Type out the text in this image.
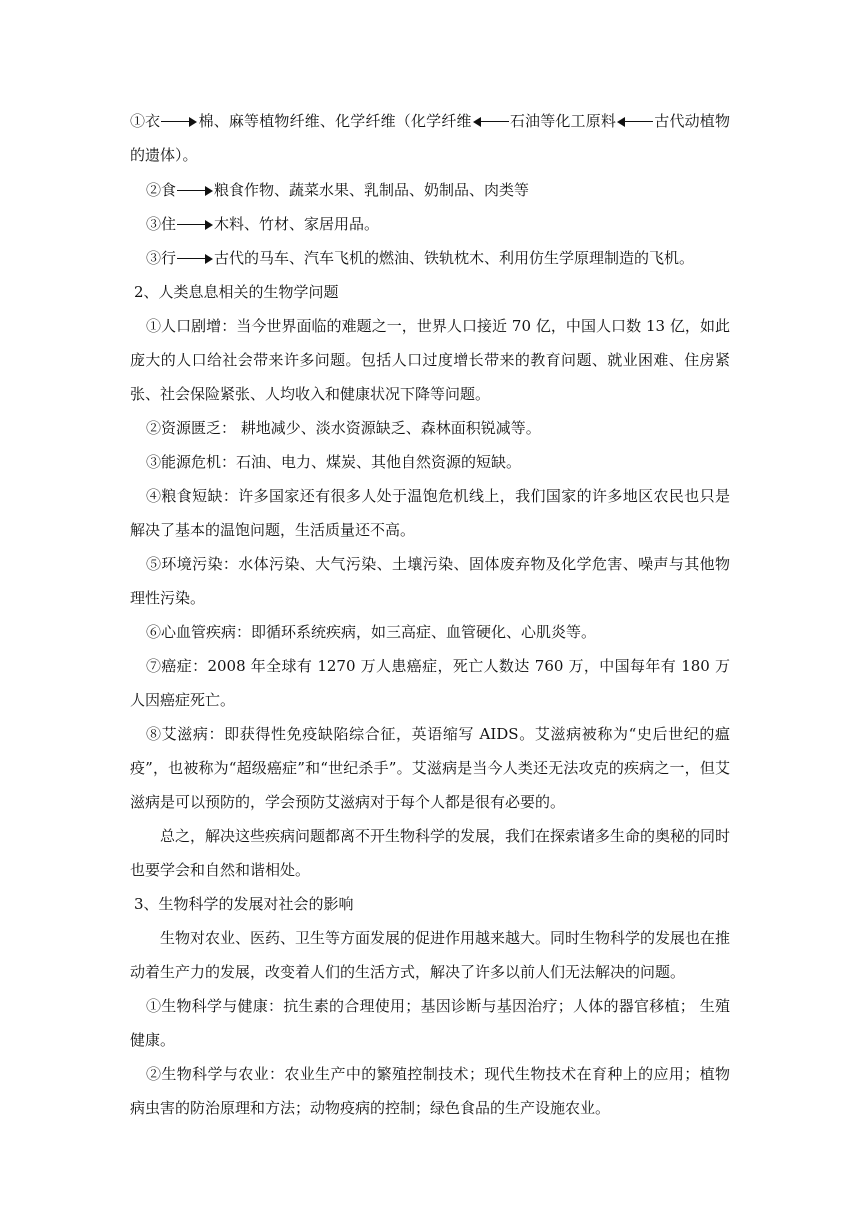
①衣	棉、麻等植物纤维、化学纤维（化学纤维	石油等化工原料	古代动植物的遗体）。

②食	粮食作物、蔬菜水果、乳制品、奶制品、肉类等

③住	木料、竹材、家居用品。

③行	古代的马车、汽车飞机的燃油、铁轨枕木、利用仿生学原理制造的飞机。

2、人类息息相关的生物学问题

①人口剧增：当今世界面临的难题之一，世界人口接近 70 亿，中国人口数 13 亿，如此庞大的人口给社会带来许多问题。包括人口过度增长带来的教育问题、就业困难、住房紧张、社会保险紧张、人均收入和健康状况下降等问题。

②资源匮乏： 耕地减少、淡水资源缺乏、森林面积锐减等。

③能源危机：石油、电力、煤炭、其他自然资源的短缺。

④粮食短缺：许多国家还有很多人处于温饱危机线上，我们国家的许多地区农民也只是解决了基本的温饱问题，生活质量还不高。

⑤环境污染：水体污染、大气污染、土壤污染、固体废弃物及化学危害、噪声与其他物理性污染。

⑥心血管疾病：即循环系统疾病，如三高症、血管硬化、心肌炎等。

⑦癌症：2008 年全球有 1270 万人患癌症，死亡人数达 760 万，中国每年有 180 万人因癌症死亡。

⑧艾滋病：即获得性免疫缺陷综合征，英语缩写 AIDS。艾滋病被称为“史后世纪的瘟疫”，也被称为“超级癌症”和“世纪杀手”。艾滋病是当今人类还无法攻克的疾病之一，但艾滋病是可以预防的，学会预防艾滋病对于每个人都是很有必要的。

总之，解决这些疾病问题都离不开生物科学的发展，我们在探索诸多生命的奥秘的同时也要学会和自然和谐相处。

3、生物科学的发展对社会的影响

生物对农业、医药、卫生等方面发展的促进作用越来越大。同时生物科学的发展也在推动着生产力的发展，改变着人们的生活方式，解决了许多以前人们无法解决的问题。

①生物科学与健康：抗生素的合理使用；基因诊断与基因治疗；人体的器官移植； 生殖健康。

②生物科学与农业：农业生产中的繁殖控制技术；现代生物技术在育种上的应用；植物病虫害的防治原理和方法；动物疫病的控制；绿色食品的生产设施农业。
